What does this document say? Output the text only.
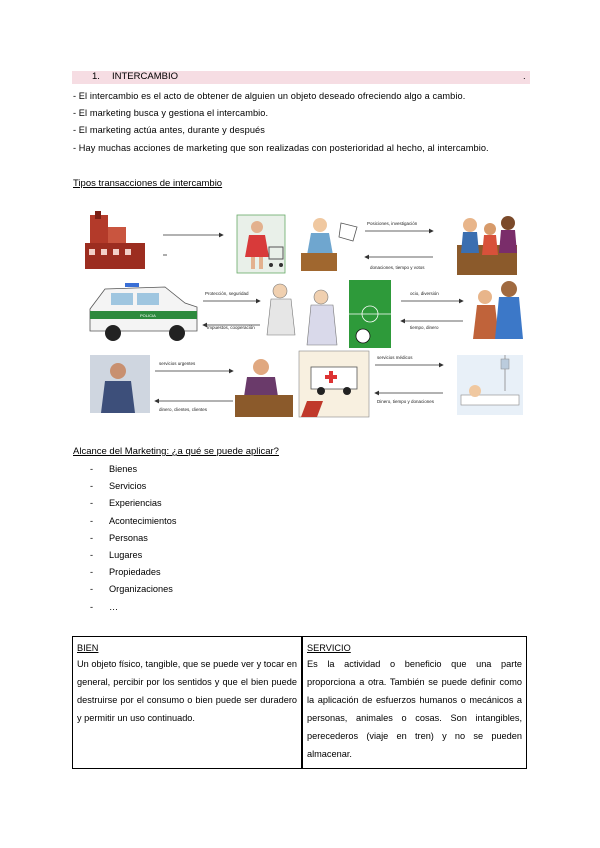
1. INTERCAMBIO	.
- El intercambio es el acto de obtener de alguien un objeto deseado ofreciendo algo a cambio.
- El marketing busca y gestiona el intercambio.
- El marketing actúa antes, durante y después
- Hay muchas acciones de marketing que son realizadas con posterioridad al hecho, al intercambio.
Tipos transacciones de intercambio
Posiciones, investigación
donaciones, tiempo y votos
POLICIA
Protección, seguridad
Impuestos, cooperación
ocio, diversión
tiempo, dinero
servicios urgentes
dinero, clientes, clientes
servicios médicos
Dinero, tiempo y donaciones
Alcance del Marketing: ¿a qué se puede aplicar?
- Bienes
- Servicios
- Experiencias
- Acontecimientos
- Personas
- Lugares
- Propiedades
- Organizaciones
- …
BIEN
Un objeto físico, tangible, que se puede ver y tocar en general, percibir por los sentidos y que el bien puede destruirse por el consumo o bien puede ser duradero y permitir un uso continuado.	
SERVICIO
Es la actividad o beneficio que una parte proporciona a otra. También se puede definir como la aplicación de esfuerzos humanos o mecánicos a personas, animales o cosas. Son intangibles, perecederos (viaje en tren) y no se pueden almacenar.
